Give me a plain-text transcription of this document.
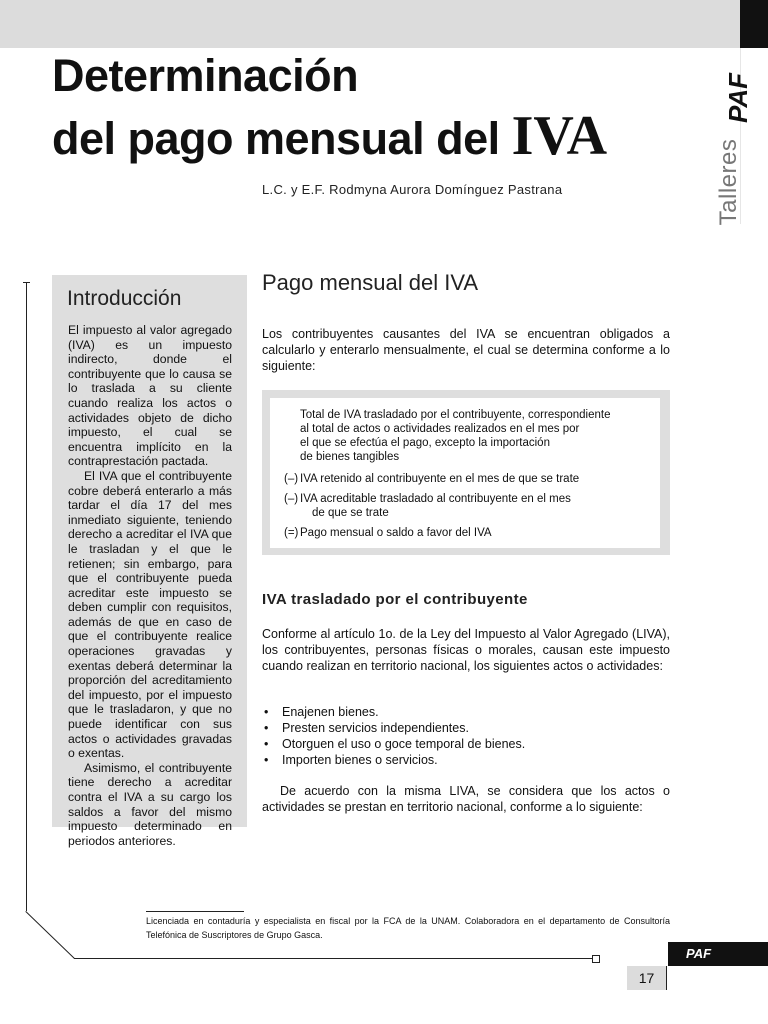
PAF
Talleres
Determinación
del pago mensual del IVA
L.C. y E.F. Rodmyna Aurora Domínguez Pastrana
Introducción

El impuesto al valor agregado (IVA) es un impuesto indirecto, donde el contribuyente que lo causa se lo traslada a su cliente cuando realiza los actos o actividades objeto de dicho impuesto, el cual se encuentra implícito en la contraprestación pactada.

El IVA que el contribuyente cobre deberá enterarlo a más tardar el día 17 del mes inmediato siguiente, teniendo derecho a acreditar el IVA que le trasladan y el que le retienen; sin embargo, para que el contribuyente pueda acreditar este impuesto se deben cumplir con requisitos, además de que en caso de que el contribuyente realice operaciones gravadas y exentas deberá determinar la proporción del acreditamiento del impuesto, por el impuesto que le trasladaron, y que no puede identificar con sus actos o actividades gravadas o exentas.

Asimismo, el contribuyente tiene derecho a acreditar contra el IVA a su cargo los saldos a favor del mismo impuesto determinado en periodos anteriores.

Pago mensual del IVA

Los contribuyentes causantes del IVA se encuentran obligados a calcularlo y enterarlo mensualmente, el cual se determina conforme a lo siguiente:

Total de IVA trasladado por el contribuyente, correspondiente
al total de actos o actividades realizados en el mes por
el que se efectúa el pago, excepto la importación
de bienes tangibles
(–) IVA retenido al contribuyente en el mes de que se trate
(–) IVA acreditable trasladado al contribuyente en el mes
de que se trate
(=) Pago mensual o saldo a favor del IVA
IVA trasladado por el contribuyente

Conforme al artículo 1o. de la Ley del Impuesto al Valor Agregado (LIVA), los contribuyentes, personas físicas o morales, causan este impuesto cuando realizan en territorio nacional, los siguientes actos o actividades:

• Enajenen bienes.
• Presten servicios independientes.
• Otorguen el uso o goce temporal de bienes.
• Importen bienes o servicios.

De acuerdo con la misma LIVA, se considera que los actos o actividades se prestan en territorio nacional, conforme a lo siguiente:

Licenciada en contaduría y especialista en fiscal por la FCA de la UNAM. Colaboradora en el departamento de Consultoría Telefónica de Suscriptores de Grupo Gasca.

PAF
17
